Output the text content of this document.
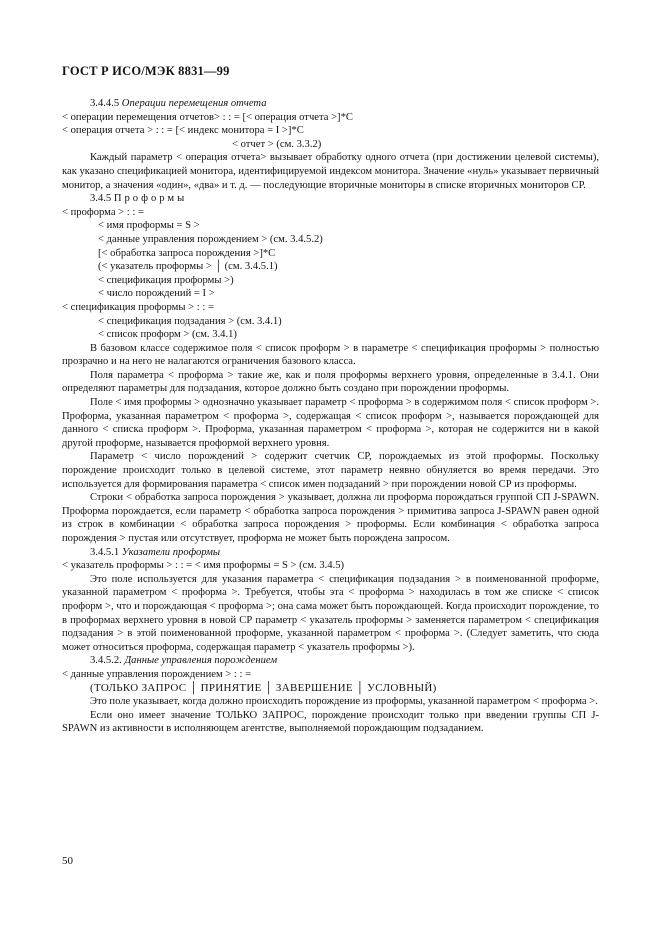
ГОСТ Р ИСО/МЭК 8831—99
3.4.4.5 Операции перемещения отчета
< операции перемещения отчетов> : : = [< операция отчета >]*С
< операция отчета > : : = [< индекс монитора = I >]*С
< отчет > (см. 3.3.2)

Каждый параметр < операция отчета> вызывает обработку одного отчета (при достижении целевой системы), как указано спецификацией монитора, идентифицируемой индексом монитора. Значение «нуль» указывает первичный монитор, а значения «один», «два» и т. д. — последующие вторичные мониторы в списке вторичных мониторов СР.

3.4.5 Проформы
< проформа > : : =
< имя проформы = S >
< данные управления порождением > (см. 3.4.5.2)
[< обработка запроса порождения >]*С
(< указатель проформы > │ (см. 3.4.5.1)
< спецификация проформы >)
< число порождений = I >
< спецификация проформы > : : =
< спецификация подзадания > (см. 3.4.1)
< список проформ > (см. 3.4.1)

В базовом классе содержимое поля < список проформ > в параметре < спецификация проформы > полностью прозрачно и на него не налагаются ограничения базового класса.

Поля параметра < проформа > такие же, как и поля проформы верхнего уровня, определенные в 3.4.1. Они определяют параметры для подзадания, которое должно быть создано при порождении проформы.

Поле < имя проформы > однозначно указывает параметр < проформа > в содержимом поля < список проформ >. Проформа, указанная параметром < проформа >, содержащая < список проформ >, называется порождающей для данного < списка проформ >. Проформа, указанная параметром < проформа >, которая не содержится ни в какой другой проформе, называется проформой верхнего уровня.

Параметр < число порождений > содержит счетчик СР, порождаемых из этой проформы. Поскольку порождение происходит только в целевой системе, этот параметр неявно обнуляется во время передачи. Это используется для формирования параметра < список имен подзаданий > при порождении новой СР из проформы.

Строки < обработка запроса порождения > указывает, должна ли проформа порождаться группой СП J-SPAWN. Проформа порождается, если параметр < обработка запроса порождения > примитива запроса J-SPAWN равен одной из строк в комбинации < обработка запроса порождения > проформы. Если комбинация < обработка запроса порождения > пустая или отсутствует, проформа не может быть порождена запросом.

3.4.5.1 Указатели проформы
< указатель проформы > : : = < имя проформы = S > (см. 3.4.5)

Это поле используется для указания параметра < спецификация подзадания > в поименованной проформе, указанной параметром < проформа >. Требуется, чтобы эта < проформа > находилась в том же списке < список проформ >, что и порождающая < проформа >; она сама может быть порождающей. Когда происходит порождение, то в проформах верхнего уровня в новой СР параметр < указатель проформы > заменяется параметром < спецификация подзадания > в этой поименованной проформе, указанной параметром < проформа >. (Следует заметить, что сюда может относиться проформа, содержащая параметр < указатель проформы >).

3.4.5.2. Данные управления порождением
< данные управления порождением > : : =
(ТОЛЬКО ЗАПРОС │ ПРИНЯТИЕ │ ЗАВЕРШЕНИЕ │ УСЛОВНЫЙ)

Это поле указывает, когда должно происходить порождение из проформы, указанной параметром < проформа >.

Если оно имеет значение ТОЛЬКО ЗАПРОС, порождение происходит только при введении группы СП J-SPAWN из активности в исполняющем агентстве, выполняемой порождающим подзаданием.

50
